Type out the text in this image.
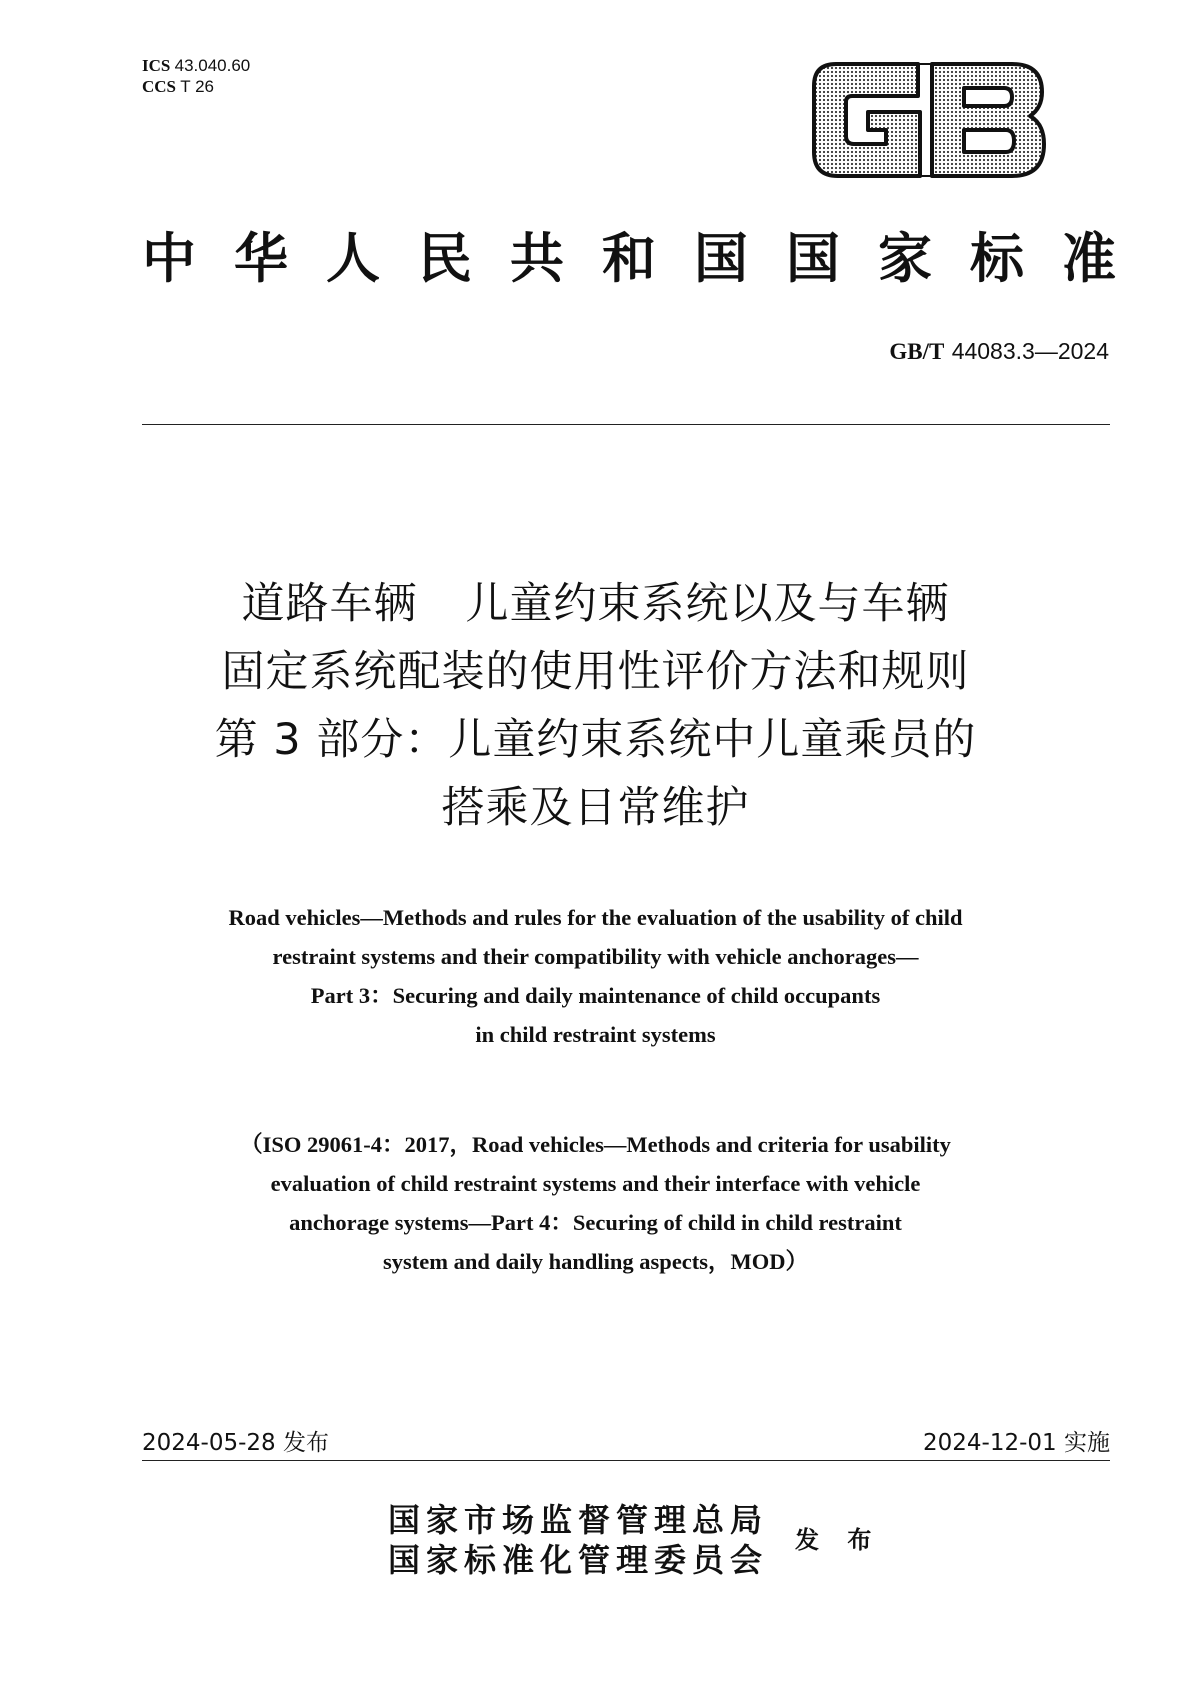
ICS 43.040.60
CCS T 26
中 华 人 民 共 和 国 国 家 标 准
GB/T 44083.3—2024
道路车辆 儿童约束系统以及与车辆
固定系统配装的使用性评价方法和规则
第 3 部分：儿童约束系统中儿童乘员的
搭乘及日常维护
Road vehicles—Methods and rules for the evaluation of the usability of child
restraint systems and their compatibility with vehicle anchorages—
Part 3：Securing and daily maintenance of child occupants
in child restraint systems
（ISO 29061-4：2017，Road vehicles—Methods and criteria for usability
evaluation of child restraint systems and their interface with vehicle
anchorage systems—Part 4：Securing of child in child restraint
system and daily handling aspects，MOD）
2024-05-28 发布	2024-12-01 实施
国家市场监督管理总局
国家标准化管理委员会
发 布
